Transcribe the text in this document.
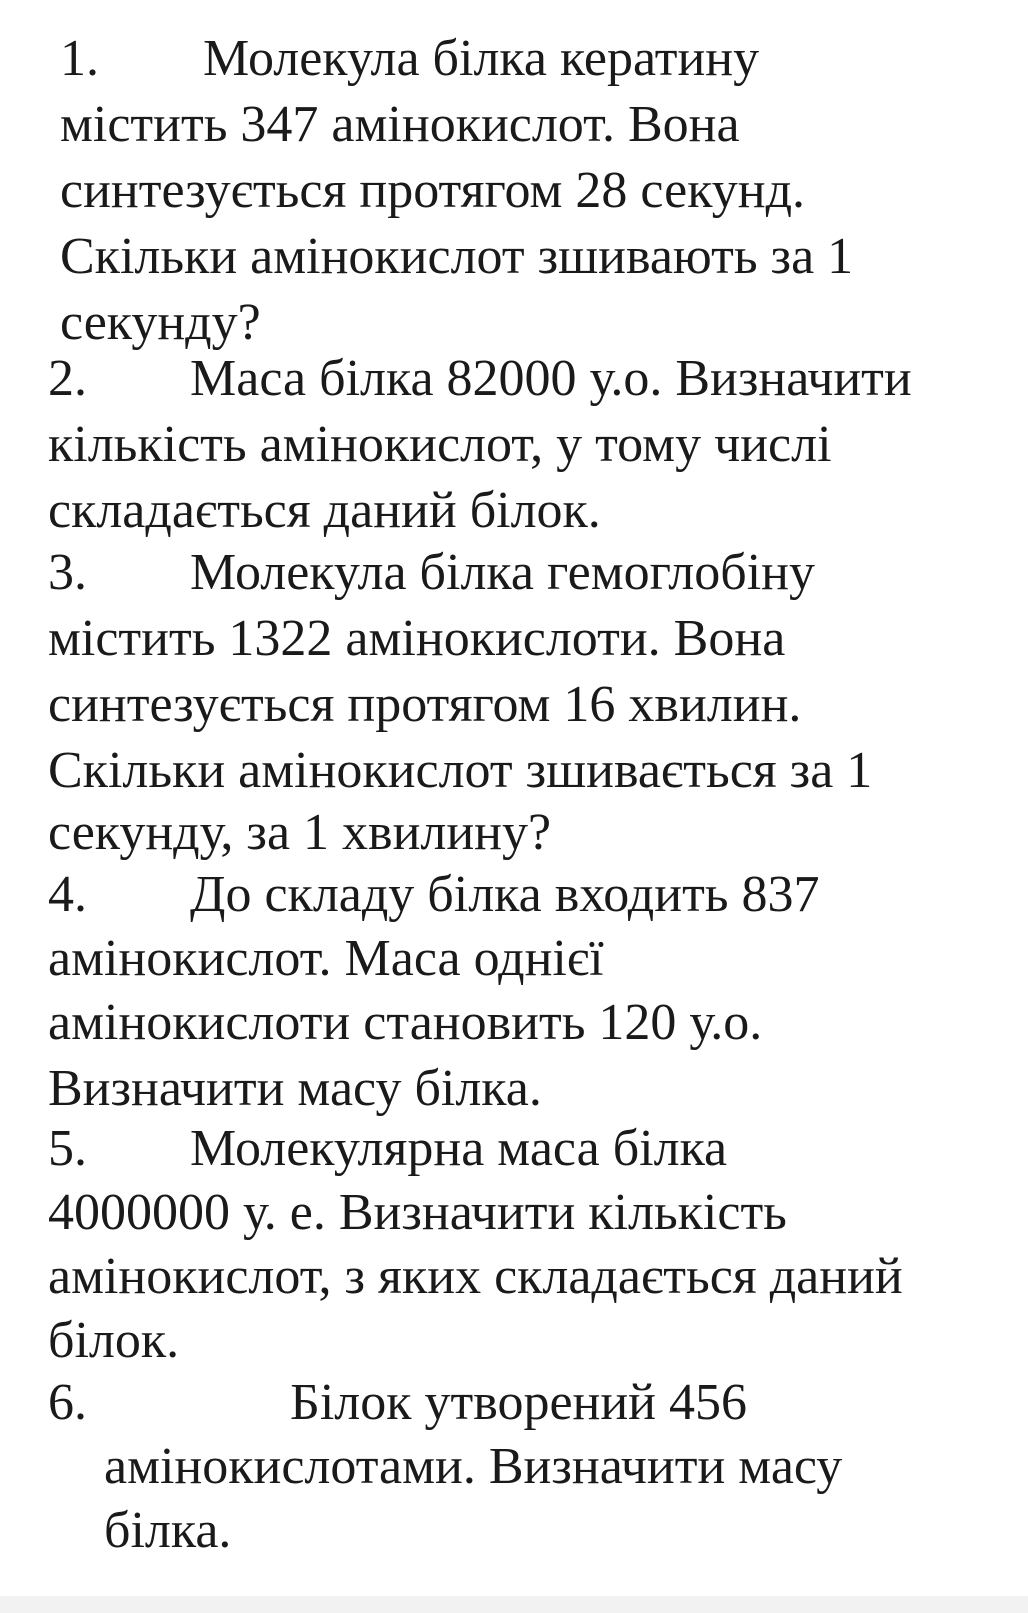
1. Молекула білка кератину
містить 347 амінокислот. Вона
синтезується протягом 28 секунд.
Скільки амінокислот зшивають за 1
секунду?
2. Маса білка 82000 у.о. Визначити
кількість амінокислот, у тому числі
складається даний білок.
3. Молекула білка гемоглобіну
містить 1322 амінокислоти. Вона
синтезується протягом 16 хвилин.
Скільки амінокислот зшивається за 1
секунду, за 1 хвилину?
4. До складу білка входить 837
амінокислот. Маса однієї
амінокислоти становить 120 у.о.
Визначити масу білка.
5. Молекулярна маса білка
4000000 у. е. Визначити кількість
амінокислот, з яких складається даний
білок.
6.	Білок утворений 456
амінокислотами. Визначити масу
білка.
